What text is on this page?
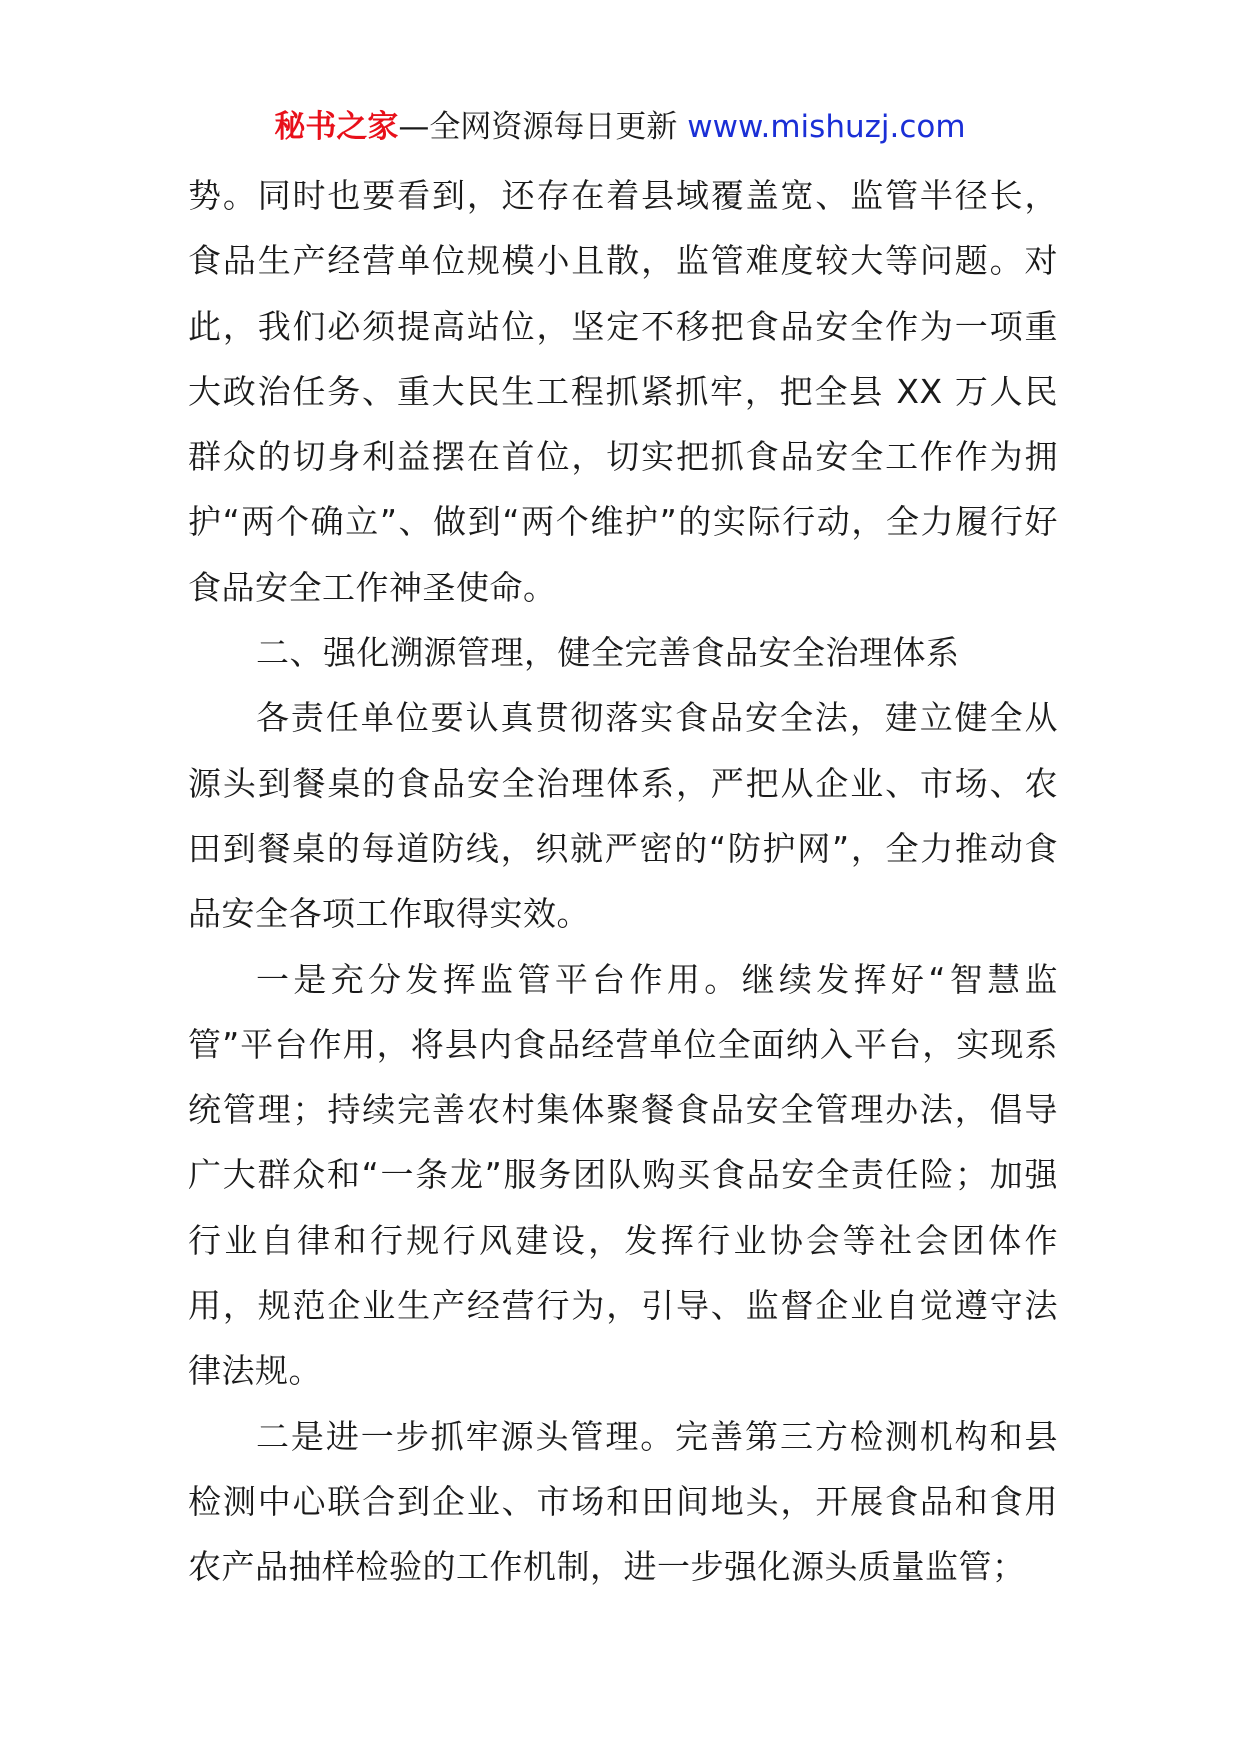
秘书之家—全网资源每日更新 www.mishuzj.com

势。同时也要看到，还存在着县域覆盖宽、监管半径长，食品生产经营单位规模小且散，监管难度较大等问题。对此，我们必须提高站位，坚定不移把食品安全作为一项重大政治任务、重大民生工程抓紧抓牢，把全县 XX 万人民群众的切身利益摆在首位，切实把抓食品安全工作作为拥护“两个确立”、做到“两个维护”的实际行动，全力履行好食品安全工作神圣使命。

二、强化溯源管理，健全完善食品安全治理体系

各责任单位要认真贯彻落实食品安全法，建立健全从源头到餐桌的食品安全治理体系，严把从企业、市场、农田到餐桌的每道防线，织就严密的“防护网”，全力推动食品安全各项工作取得实效。

一是充分发挥监管平台作用。继续发挥好“智慧监管”平台作用，将县内食品经营单位全面纳入平台，实现系统管理；持续完善农村集体聚餐食品安全管理办法，倡导广大群众和“一条龙”服务团队购买食品安全责任险；加强行业自律和行规行风建设，发挥行业协会等社会团体作用，规范企业生产经营行为，引导、监督企业自觉遵守法律法规。

二是进一步抓牢源头管理。完善第三方检测机构和县检测中心联合到企业、市场和田间地头，开展食品和食用农产品抽样检验的工作机制，进一步强化源头质量监管；
